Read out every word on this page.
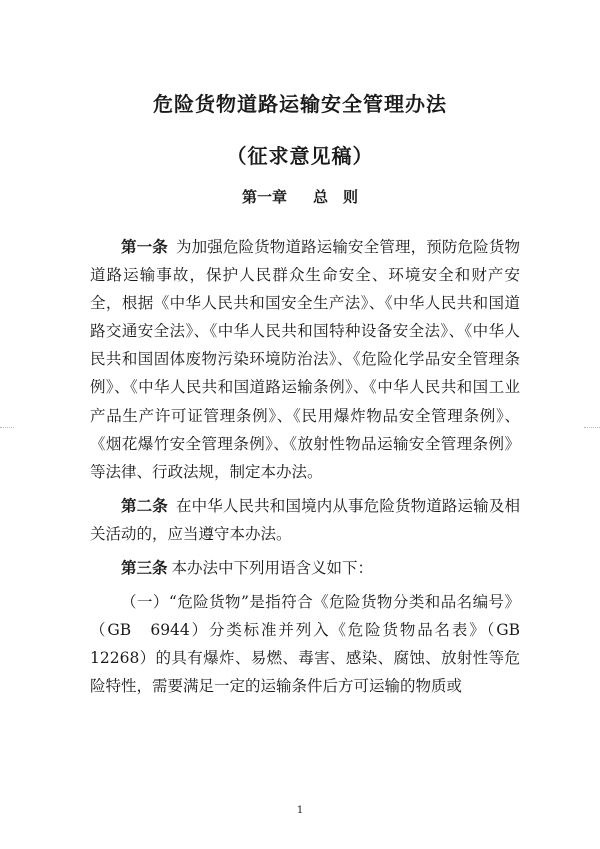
危险货物道路运输安全管理办法
（征求意见稿）
第一章 总　则

第一条 为加强危险货物道路运输安全管理，预防危险货物道路运输事故，保护人民群众生命安全、环境安全和财产安全，根据《中华人民共和国安全生产法》、《中华人民共和国道路交通安全法》、《中华人民共和国特种设备安全法》、《中华人民共和国固体废物污染环境防治法》、《危险化学品安全管理条例》、《中华人民共和国道路运输条例》、《中华人民共和国工业产品生产许可证管理条例》、《民用爆炸物品安全管理条例》、《烟花爆竹安全管理条例》、《放射性物品运输安全管理条例》等法律、行政法规，制定本办法。

第二条 在中华人民共和国境内从事危险货物道路运输及相关活动的，应当遵守本办法。

第三条 本办法中下列用语含义如下：

（一）“危险货物”是指符合《危险货物分类和品名编号》（GB　6944）分类标准并列入《危险货物品名表》（GB 12268）的具有爆炸、易燃、毒害、感染、腐蚀、放射性等危险特性，需要满足一定的运输条件后方可运输的物质或

1
